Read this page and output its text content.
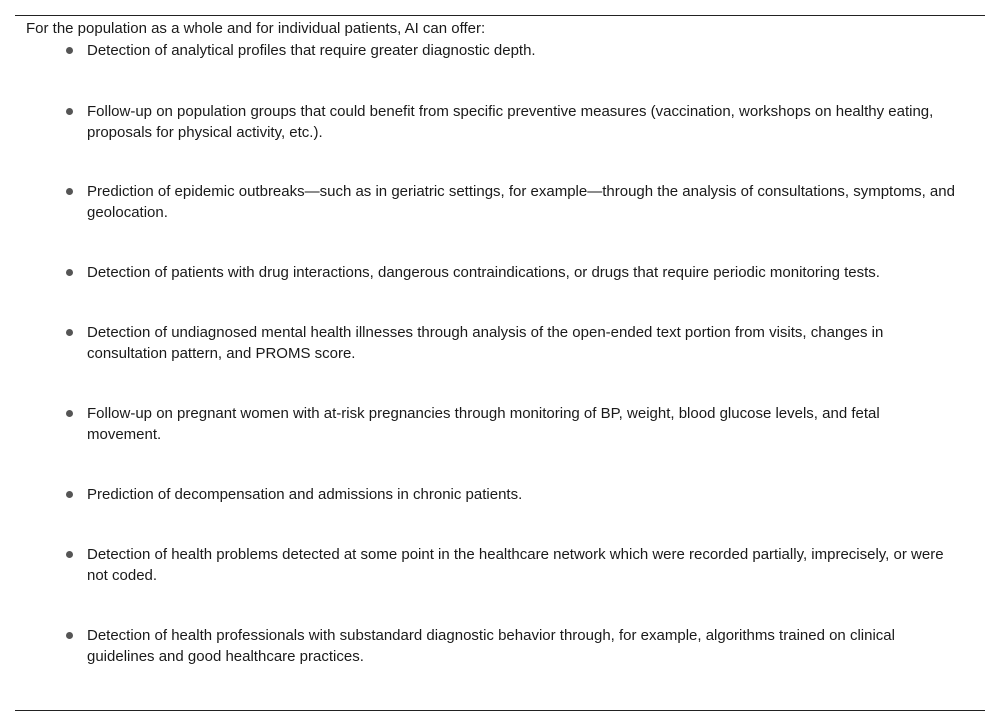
For the population as a whole and for individual patients, AI can offer:

Detection of analytical profiles that require greater diagnostic depth.
Follow-up on population groups that could benefit from specific preventive measures (vaccination, workshops on healthy eating, proposals for physical activity, etc.).
Prediction of epidemic outbreaks—such as in geriatric settings, for example—through the analysis of consultations, symptoms, and geolocation.
Detection of patients with drug interactions, dangerous contraindications, or drugs that require periodic monitoring tests.
Detection of undiagnosed mental health illnesses through analysis of the open-ended text portion from visits, changes in consultation pattern, and PROMS score.
Follow-up on pregnant women with at-risk pregnancies through monitoring of BP, weight, blood glucose levels, and fetal movement.
Prediction of decompensation and admissions in chronic patients.
Detection of health problems detected at some point in the healthcare network which were recorded partially, imprecisely, or were not coded.
Detection of health professionals with substandard diagnostic behavior through, for example, algorithms trained on clinical guidelines and good healthcare practices.
